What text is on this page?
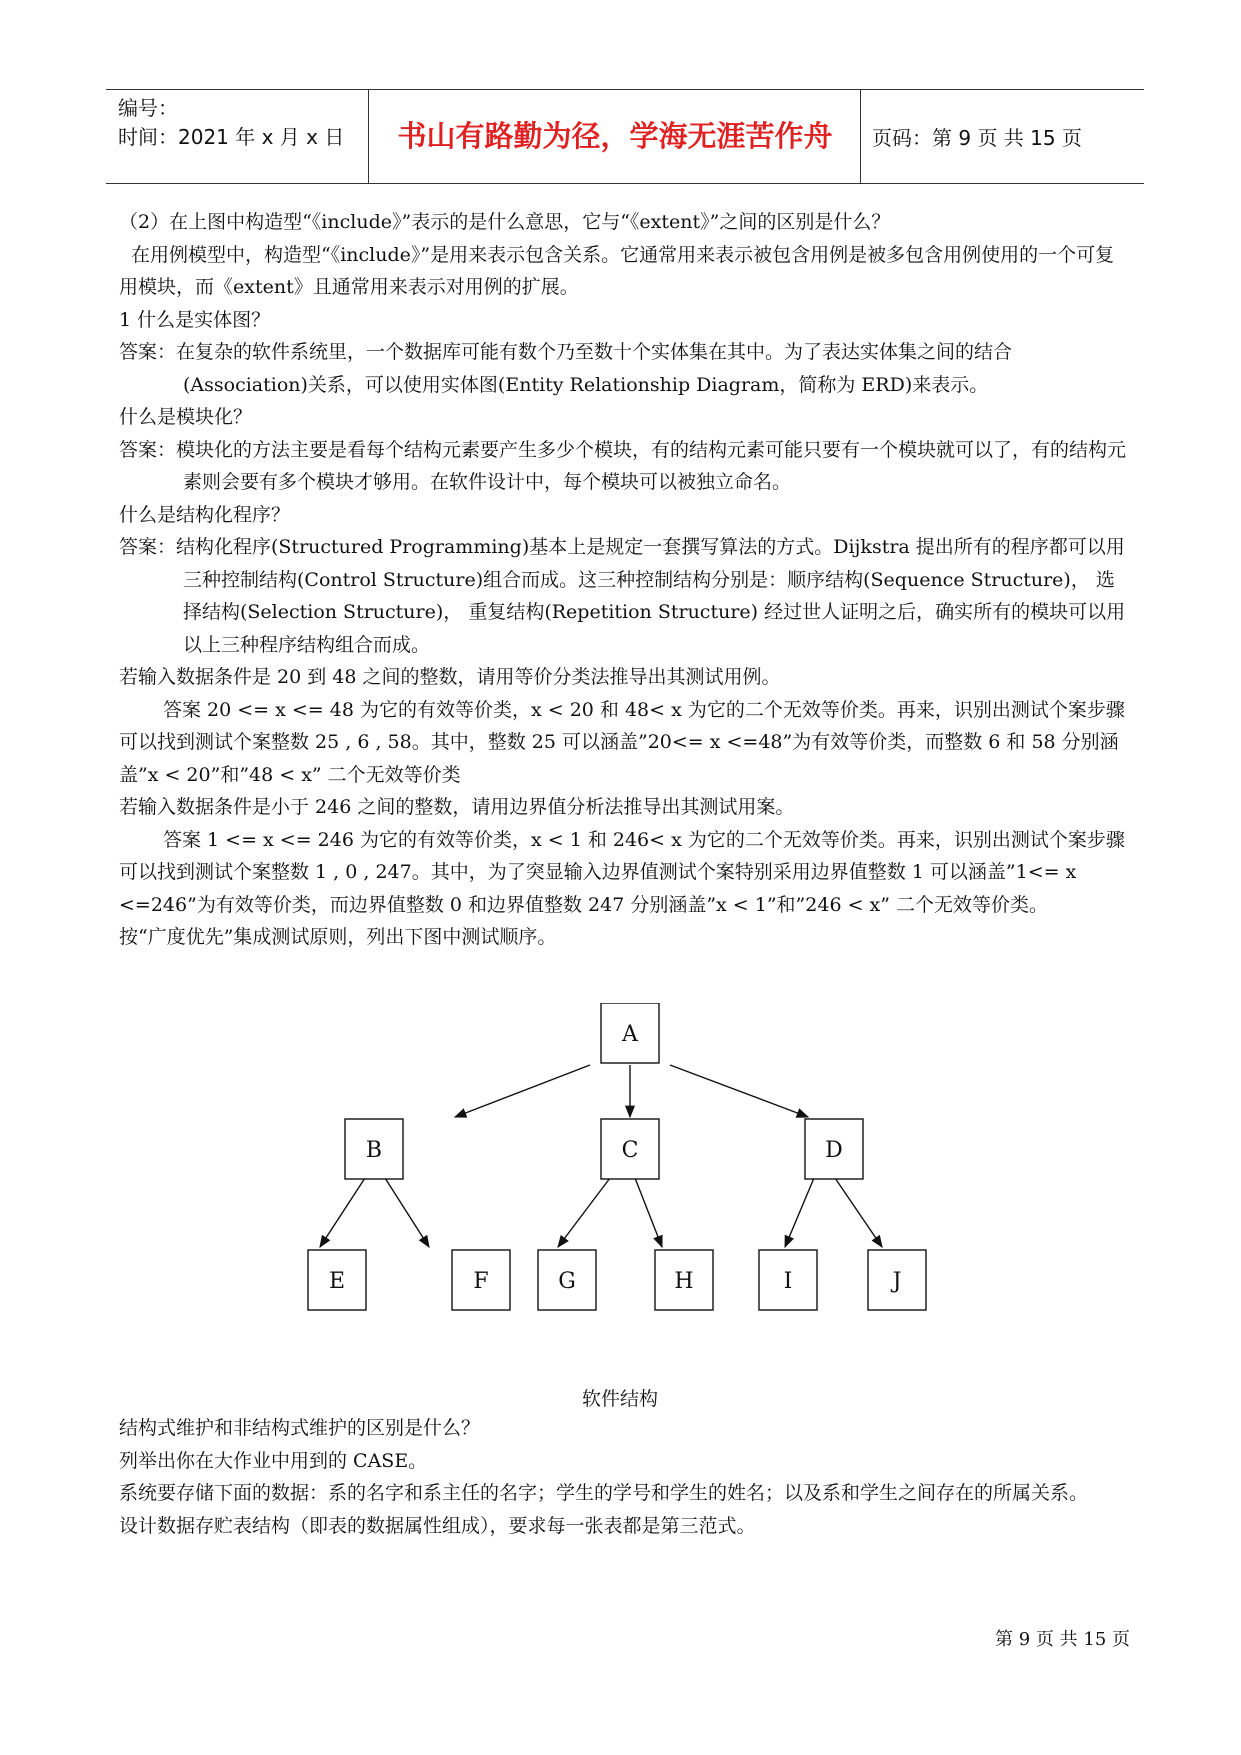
编号：
时间：2021 年 x 月 x 日	书山有路勤为径，学海无涯苦作舟	页码：第 9 页 共 15 页

（2）在上图中构造型“《include》”表示的是什么意思，它与“《extent》”之间的区别是什么？

在用例模型中，构造型“《include》”是用来表示包含关系。它通常用来表示被包含用例是被多包含用例使用的一个可复用模块，而《extent》且通常用来表示对用例的扩展。

1 什么是实体图？

答案：在复杂的软件系统里，一个数据库可能有数个乃至数十个实体集在其中。为了表达实体集之间的结合(Association)关系，可以使用实体图(Entity Relationship Diagram，简称为 ERD)来表示。

什么是模块化？

答案：模块化的方法主要是看每个结构元素要产生多少个模块，有的结构元素可能只要有一个模块就可以了，有的结构元素则会要有多个模块才够用。在软件设计中，每个模块可以被独立命名。

什么是结构化程序？

答案：结构化程序(Structured Programming)基本上是规定一套撰写算法的方式。Dijkstra 提出所有的程序都可以用三种控制结构(Control Structure)组合而成。这三种控制结构分别是：顺序结构(Sequence Structure)， 选择结构(Selection Structure)， 重复结构(Repetition Structure) 经过世人证明之后，确实所有的模块可以用以上三种程序结构组合而成。

若输入数据条件是 20 到 48 之间的整数，请用等价分类法推导出其测试用例。

答案 20 <= x <= 48 为它的有效等价类，x < 20 和 48< x 为它的二个无效等价类。再来，识别出测试个案步骤可以找到测试个案整数 25 , 6 , 58。其中，整数 25 可以涵盖”20<= x <=48”为有效等价类，而整数 6 和 58 分别涵盖”x < 20”和”48 < x” 二个无效等价类

若输入数据条件是小于 246 之间的整数，请用边界值分析法推导出其测试用案。

答案 1 <= x <= 246 为它的有效等价类，x < 1 和 246< x 为它的二个无效等价类。再来，识别出测试个案步骤可以找到测试个案整数 1 , 0 , 247。其中，为了突显输入边界值测试个案特别采用边界值整数 1 可以涵盖”1<= x <=246”为有效等价类，而边界值整数 0 和边界值整数 247 分别涵盖”x < 1”和”246 < x” 二个无效等价类。

按“广度优先”集成测试原则，列出下图中测试顺序。

A
B	C	D
E	F	G	H	I	J
软件结构

结构式维护和非结构式维护的区别是什么？

列举出你在大作业中用到的 CASE。

系统要存储下面的数据：系的名字和系主任的名字；学生的学号和学生的姓名；以及系和学生之间存在的所属关系。

设计数据存贮表结构（即表的数据属性组成），要求每一张表都是第三范式。

第 9 页 共 15 页
